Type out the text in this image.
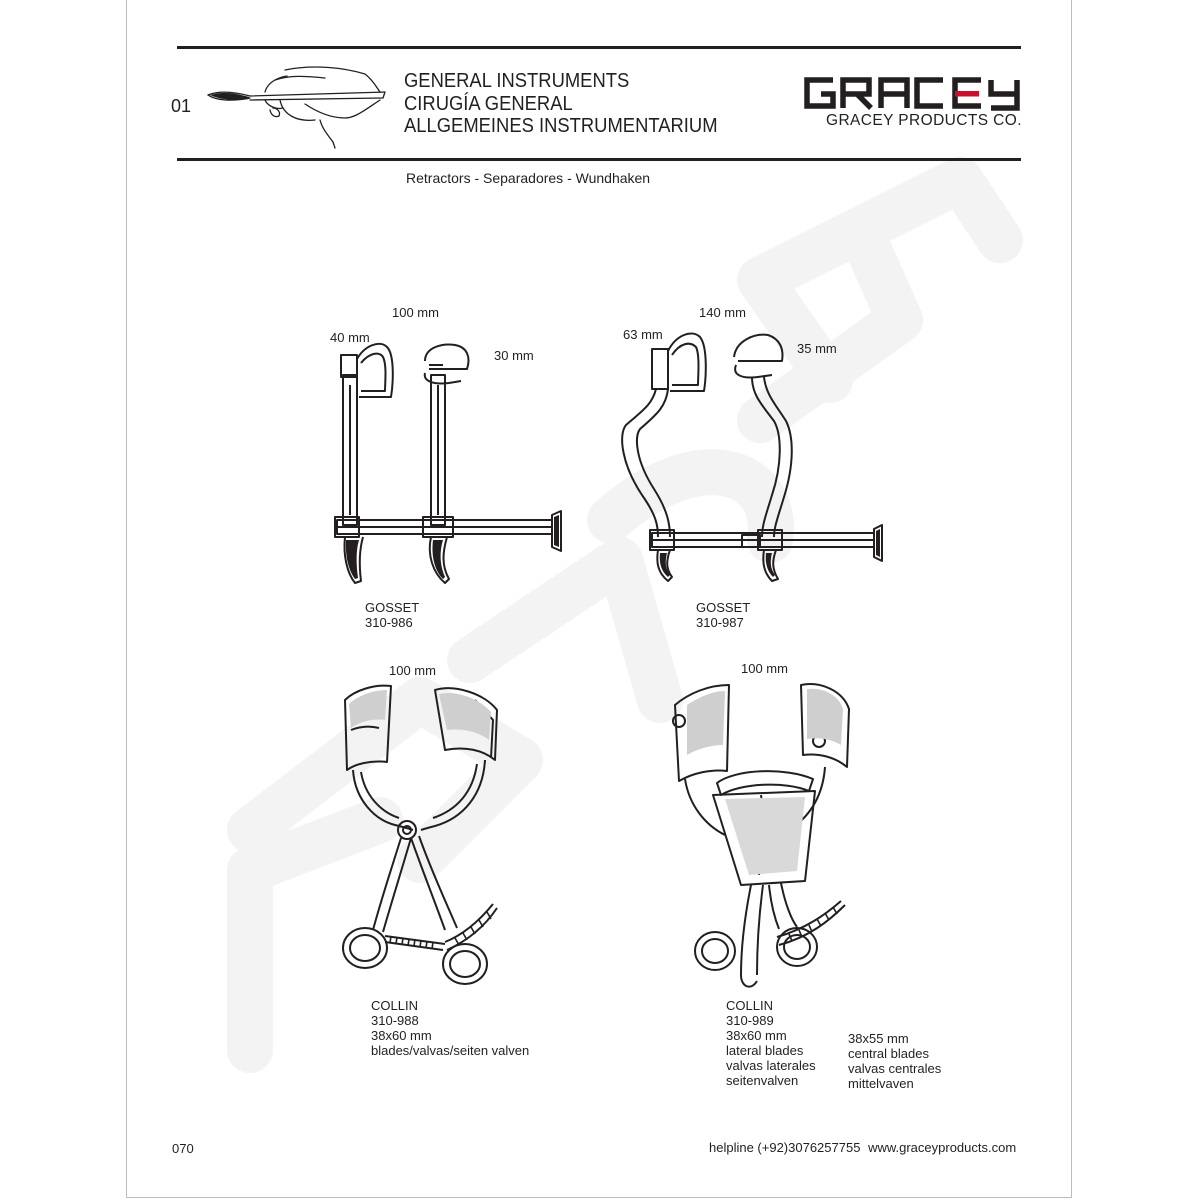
01
GENERAL INSTRUMENTS
CIRUGÍA GENERAL
ALLGEMEINES INSTRUMENTARIUM	GRACEY PRODUCTS CO.
Retractors - Separadores - Wundhaken
100 mm
40 mm
30 mm
GOSSET
310-986
140 mm
63 mm
35 mm
GOSSET
310-987
100 mm
COLLIN
310-988
38x60 mm
blades/valvas/seiten valven
100 mm
COLLIN
310-989
38x60 mm
lateral blades
valvas laterales
seitenvalven
38x55 mm
central blades
valvas centrales
mittelvaven
070	helpline (+92)3076257755 www.graceyproducts.com
